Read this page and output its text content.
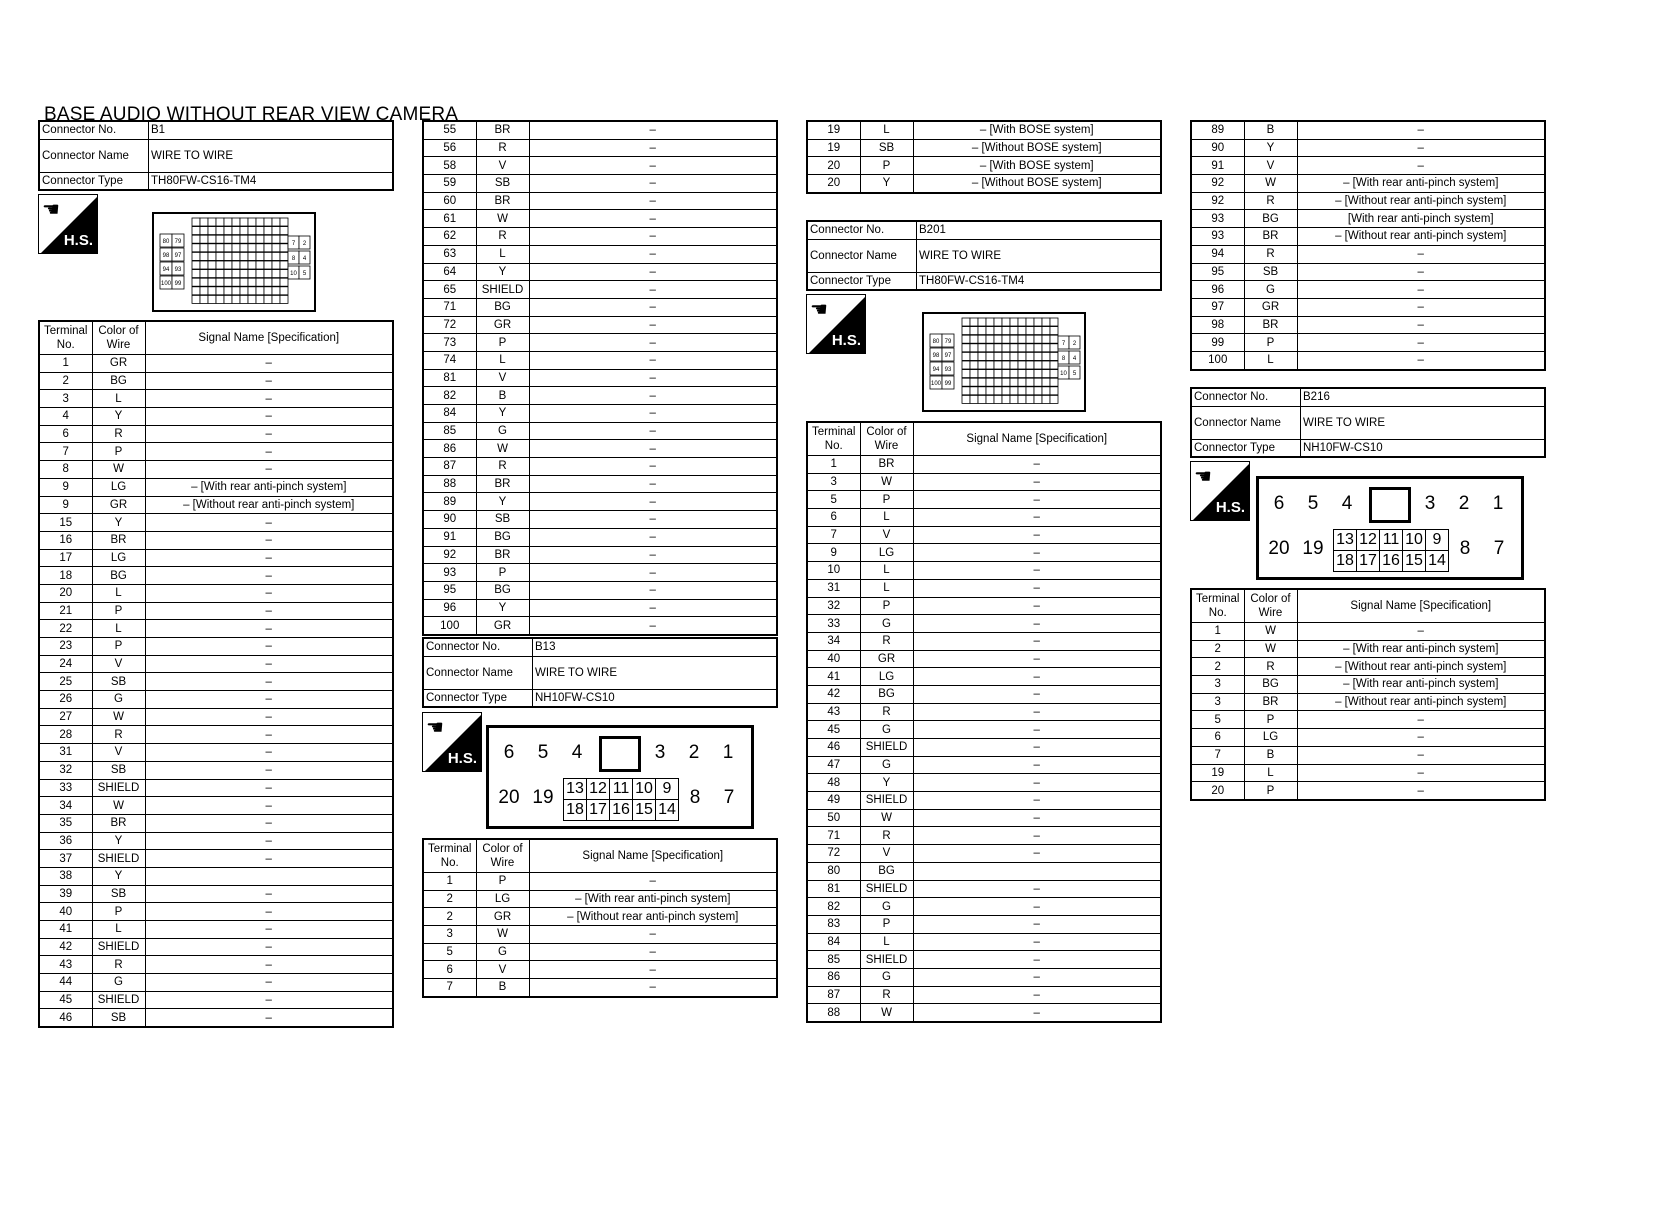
BASE AUDIO WITHOUT REAR VIEW CAMERA
Connector No.	B1
Connector Name	WIRE TO WIRE
Connector Type	TH80FW-CS16-TM4
☚
H.S.	80 79
98 97
94 93
100 99
7 2
8 4
10 5
Terminal No.	Color of Wire	Signal Name [Specification]
1	GR	–
2	BG	–
3	L	–
4	Y	–
6	R	–
7	P	–
8	W	–
9	LG	– [With rear anti-pinch system]
9	GR	– [Without rear anti-pinch system]
15	Y	–
16	BR	–
17	LG	–
18	BG	–
20	L	–
21	P	–
22	L	–
23	P	–
24	V	–
25	SB	–
26	G	–
27	W	–
28	R	–
31	V	–
32	SB	–
33	SHIELD	–
34	W	–
35	BR	–
36	Y	–
37	SHIELD	–
38	Y	
39	SB	–
40	P	–
41	L	–
42	SHIELD	–
43	R	–
44	G	–
45	SHIELD	–
46	SB	–
55	BR	–
56	R	–
58	V	–
59	SB	–
60	BR	–
61	W	–
62	R	–
63	L	–
64	Y	–
65	SHIELD	–
71	BG	–
72	GR	–
73	P	–
74	L	–
81	V	–
82	B	–
84	Y	–
85	G	–
86	W	–
87	R	–
88	BR	–
89	Y	–
90	SB	–
91	BG	–
92	BR	–
93	P	–
95	BG	–
96	Y	–
100	GR	–
Connector No.	B13
Connector Name	WIRE TO WIRE
Connector Type	NH10FW-CS10
☚
H.S.	6	5	4	3	2	1
20 19 13 12 11 10 9
18 17 16 15 14
8	7
Terminal No.	Color of Wire	Signal Name [Specification]
1	P	–
2	LG	– [With rear anti-pinch system]
2	GR	– [Without rear anti-pinch system]
3	W	–
5	G	–
6	V	–
7	B	–
19	L	– [With BOSE system]
19	SB	– [Without BOSE system]
20	P	– [With BOSE system]
20	Y	– [Without BOSE system]
Connector No.	B201
Connector Name	WIRE TO WIRE
Connector Type	TH80FW-CS16-TM4
☚
H.S.	80 79
98 97
94 93
100 99
7 2
8 4
10 5
Terminal No.	Color of Wire	Signal Name [Specification]
1	BR	–
3	W	–
5	P	–
6	L	–
7	V	–
9	LG	–
10	L	–
31	L	–
32	P	–
33	G	–
34	R	–
40	GR	–
41	LG	–
42	BG	–
43	R	–
45	G	–
46	SHIELD	–
47	G	–
48	Y	–
49	SHIELD	–
50	W	–
71	R	–
72	V	–
80	BG	
81	SHIELD	–
82	G	–
83	P	–
84	L	–
85	SHIELD	–
86	G	–
87	R	–
88	W	–
89	B	–
90	Y	–
91	V	–
92	W	– [With rear anti-pinch system]
92	R	– [Without rear anti-pinch system]
93	BG	[With rear anti-pinch system]
93	BR	– [Without rear anti-pinch system]
94	R	–
95	SB	–
96	G	–
97	GR	–
98	BR	–
99	P	–
100	L	–
Connector No.	B216
Connector Name	WIRE TO WIRE
Connector Type	NH10FW-CS10
☚
H.S.	6	5	4	3	2	1
20 19 13 12 11 10 9
18 17 16 15 14
8	7
Terminal No.	Color of Wire	Signal Name [Specification]
1	W	–
2	W	– [With rear anti-pinch system]
2	R	– [Without rear anti-pinch system]
3	BG	– [With rear anti-pinch system]
3	BR	– [Without rear anti-pinch system]
5	P	–
6	LG	–
7	B	–
19	L	–
20	P	–
